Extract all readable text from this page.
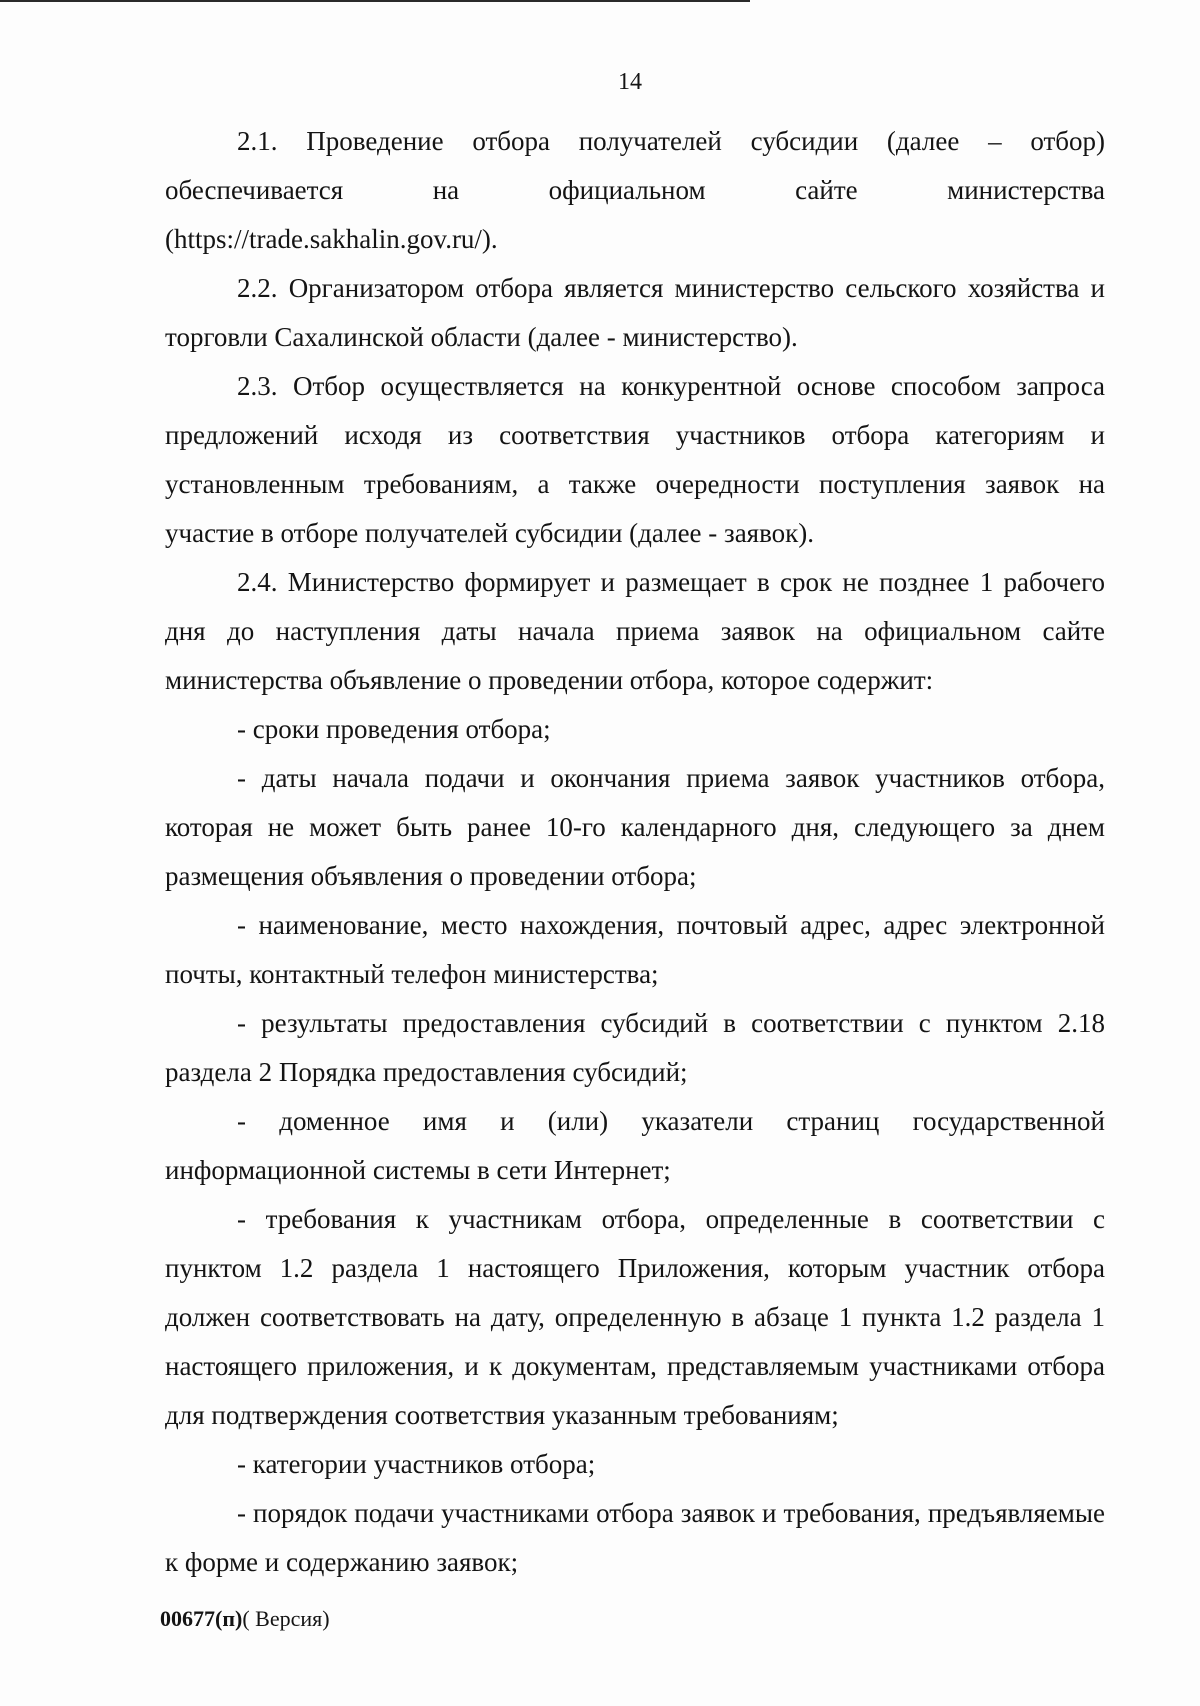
14

2.1. Проведение отбора получателей субсидии (далее – отбор) обеспечивается на официальном сайте министерства (https://trade.sakhalin.gov.ru/).

2.2. Организатором отбора является министерство сельского хозяйства и торговли Сахалинской области (далее - министерство).

2.3. Отбор осуществляется на конкурентной основе способом запроса предложений исходя из соответствия участников отбора категориям и установленным требованиям, а также очередности поступления заявок на участие в отборе получателей субсидии (далее - заявок).

2.4. Министерство формирует и размещает в срок не позднее 1 рабочего дня до наступления даты начала приема заявок на официальном сайте министерства объявление о проведении отбора, которое содержит:

- сроки проведения отбора;

- даты начала подачи и окончания приема заявок участников отбора, которая не может быть ранее 10-го календарного дня, следующего за днем размещения объявления о проведении отбора;

- наименование, место нахождения, почтовый адрес, адрес электронной почты, контактный телефон министерства;

- результаты предоставления субсидий в соответствии с пунктом 2.18 раздела 2 Порядка предоставления субсидий;

- доменное имя и (или) указатели страниц государственной информационной системы в сети Интернет;

- требования к участникам отбора, определенные в соответствии с пунктом 1.2 раздела 1 настоящего Приложения, которым участник отбора должен соответствовать на дату, определенную в абзаце 1 пункта 1.2 раздела 1 настоящего приложения, и к документам, представляемым участниками отбора для подтверждения соответствия указанным требованиям;

- категории участников отбора;

- порядок подачи участниками отбора заявок и требования, предъявляемые к форме и содержанию заявок;

00677(п)( Версия)
